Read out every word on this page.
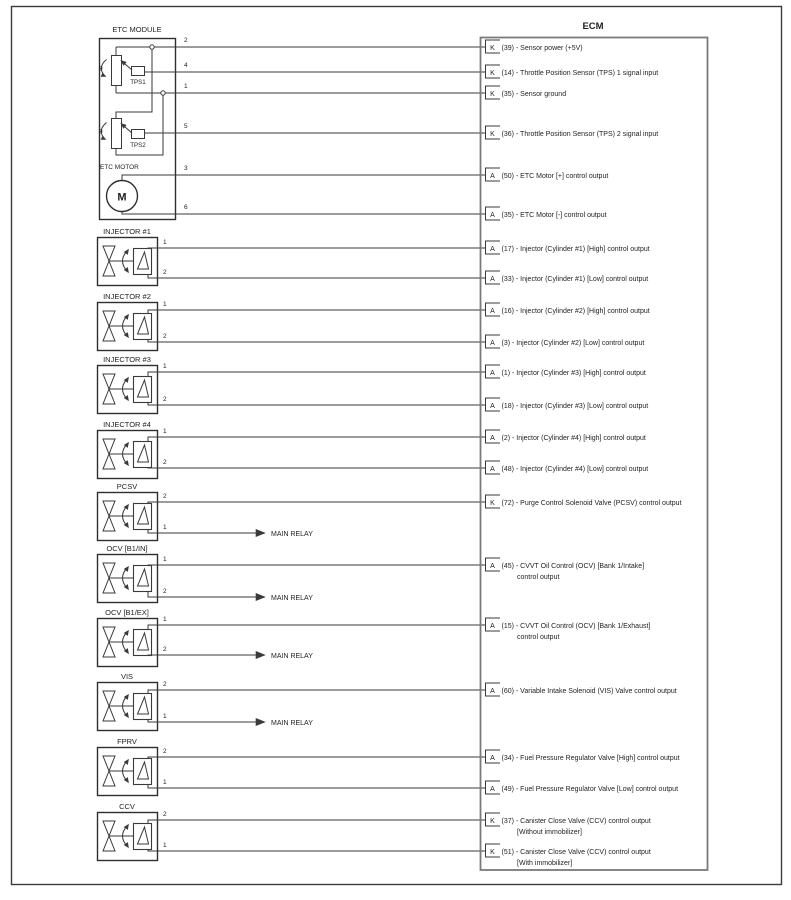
ETC MODULE
2
4
1
5
3
6
TPS1
θ
TPS2
θ
ETC MOTOR
M
INJECTOR #1
1
2
INJECTOR #2
1
2
INJECTOR #3
1
2
INJECTOR #4
1
2
PCSV
2
1
MAIN RELAY
OCV [B1/IN]
1
2
MAIN RELAY
OCV [B1/EX]
1
2
MAIN RELAY
VIS
2
1
MAIN RELAY
FPRV
2
1
CCV
2
1
ECM
K (39) - Sensor power (+5V)
K (14) - Throttle Position Sensor (TPS) 1 signal input
K (35) - Sensor ground
K (36) - Throttle Position Sensor (TPS) 2 signal input
A (50) - ETC Motor [+] control output
A (35) - ETC Motor [-] control output
A (17) - Injector (Cylinder #1) [High] control output
A (33) - Injector (Cylinder #1) [Low] control output
A (16) - Injector (Cylinder #2) [High] control output
A (3) - Injector (Cylinder #2) [Low] control output
A (1) - Injector (Cylinder #3) [High] control output
A (18) - Injector (Cylinder #3) [Low] control output
A (2) - Injector (Cylinder #4) [High] control output
A (48) - Injector (Cylinder #4) [Low] control output
K (72) - Purge Control Solenoid Valve (PCSV) control output
A (45) - CVVT Oil Control (OCV) [Bank 1/Intake]
control output
A (15) - CVVT Oil Control (OCV) [Bank 1/Exhaust]
control output
A (60) - Variable Intake Solenoid (VIS) Valve control output
A (34) - Fuel Pressure Regulator Valve [High] control output
A (49) - Fuel Pressure Regulator Valve [Low] control output
K (37) - Canister Close Valve (CCV) control output
[Without immobilizer]
K (51) - Canister Close Valve (CCV) control output
[With immobilizer]
